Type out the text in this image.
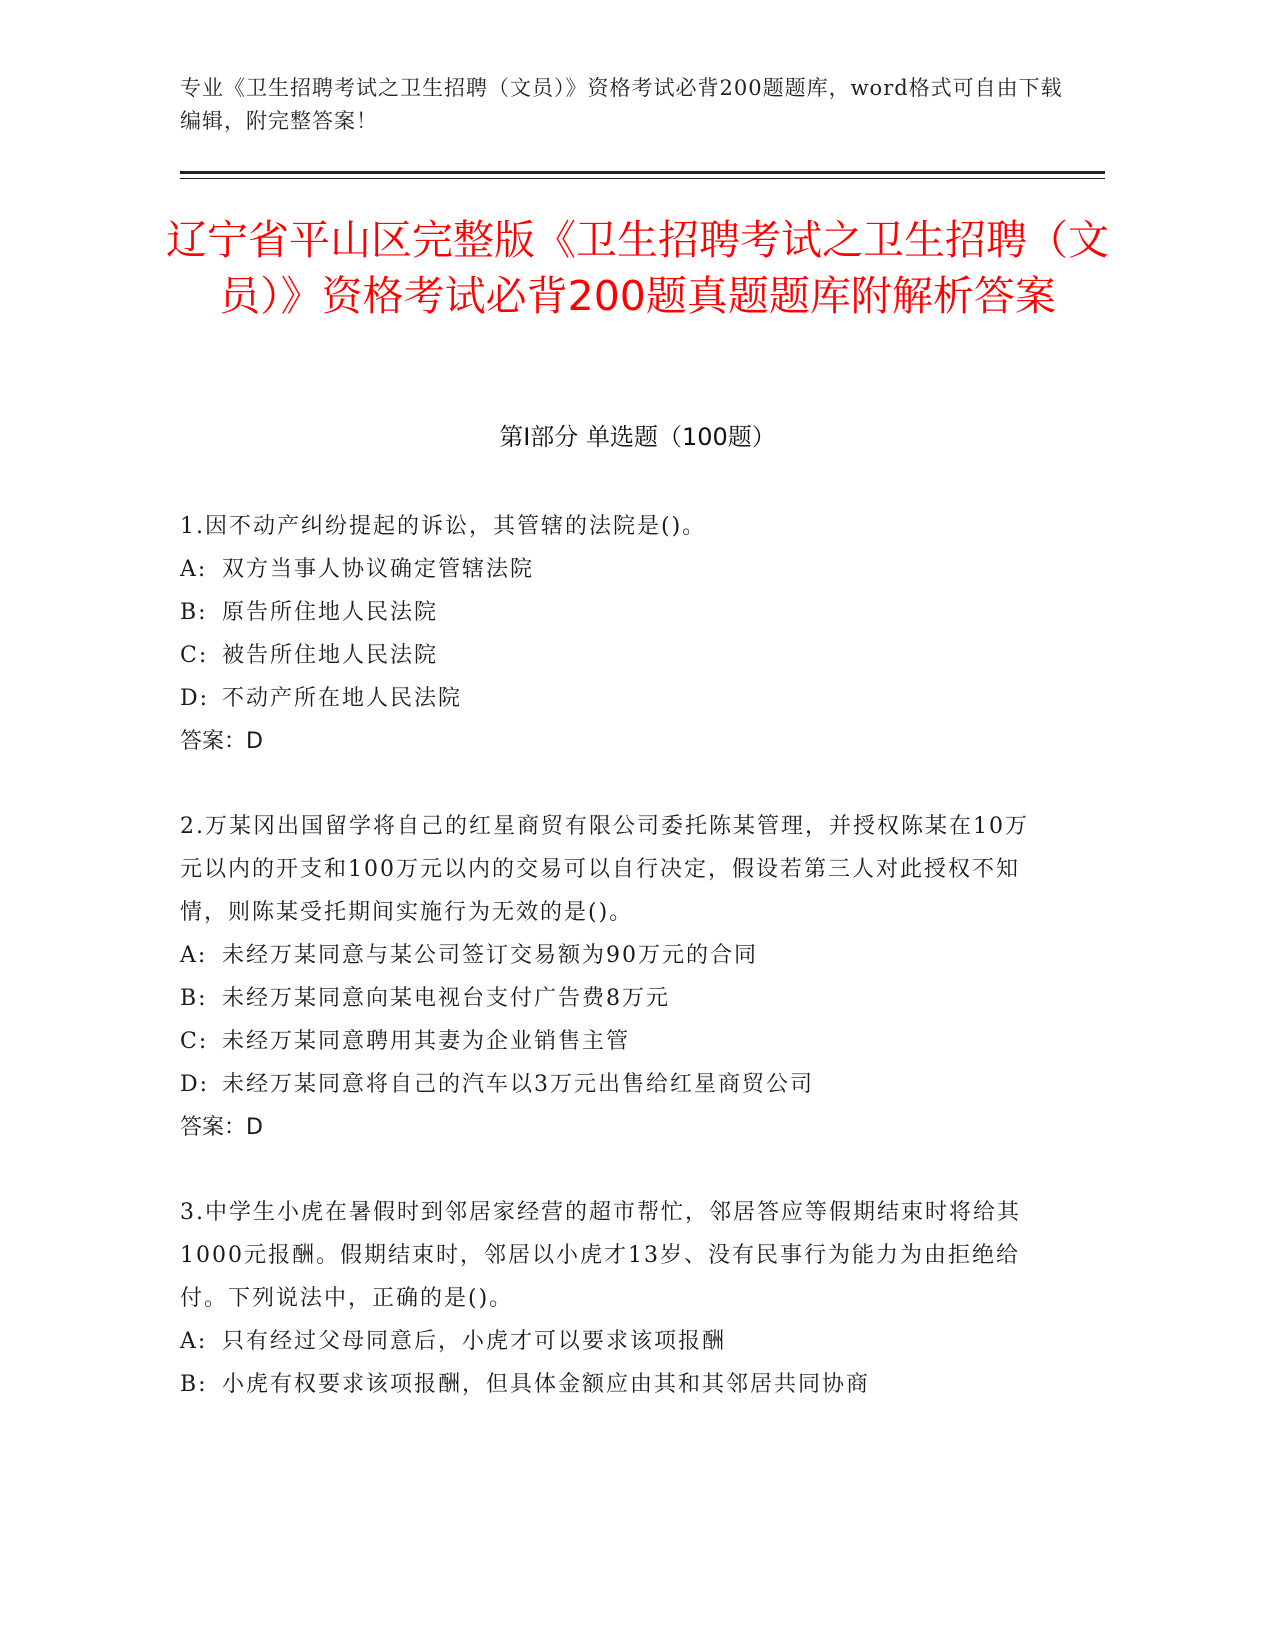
专业《卫生招聘考试之卫生招聘（文员）》资格考试必背200题题库，word格式可自由下载编辑，附完整答案！
辽宁省平山区完整版《卫生招聘考试之卫生招聘（文员）》资格考试必背200题真题题库附解析答案
第Ⅰ部分 单选题（100题）
1.因不动产纠纷提起的诉讼，其管辖的法院是()。
A: 双方当事人协议确定管辖法院
B: 原告所住地人民法院
C: 被告所住地人民法院
D: 不动产所在地人民法院
答案：D
2.万某冈出国留学将自己的红星商贸有限公司委托陈某管理，并授权陈某在10万元以内的开支和100万元以内的交易可以自行决定，假设若第三人对此授权不知情，则陈某受托期间实施行为无效的是()。
A: 未经万某同意与某公司签订交易额为90万元的合同
B: 未经万某同意向某电视台支付广告费8万元
C: 未经万某同意聘用其妻为企业销售主管
D: 未经万某同意将自己的汽车以3万元出售给红星商贸公司
答案：D
3.中学生小虎在暑假时到邻居家经营的超市帮忙，邻居答应等假期结束时将给其1000元报酬。假期结束时，邻居以小虎才13岁、没有民事行为能力为由拒绝给付。下列说法中，正确的是()。
A: 只有经过父母同意后，小虎才可以要求该项报酬
B: 小虎有权要求该项报酬，但具体金额应由其和其邻居共同协商
